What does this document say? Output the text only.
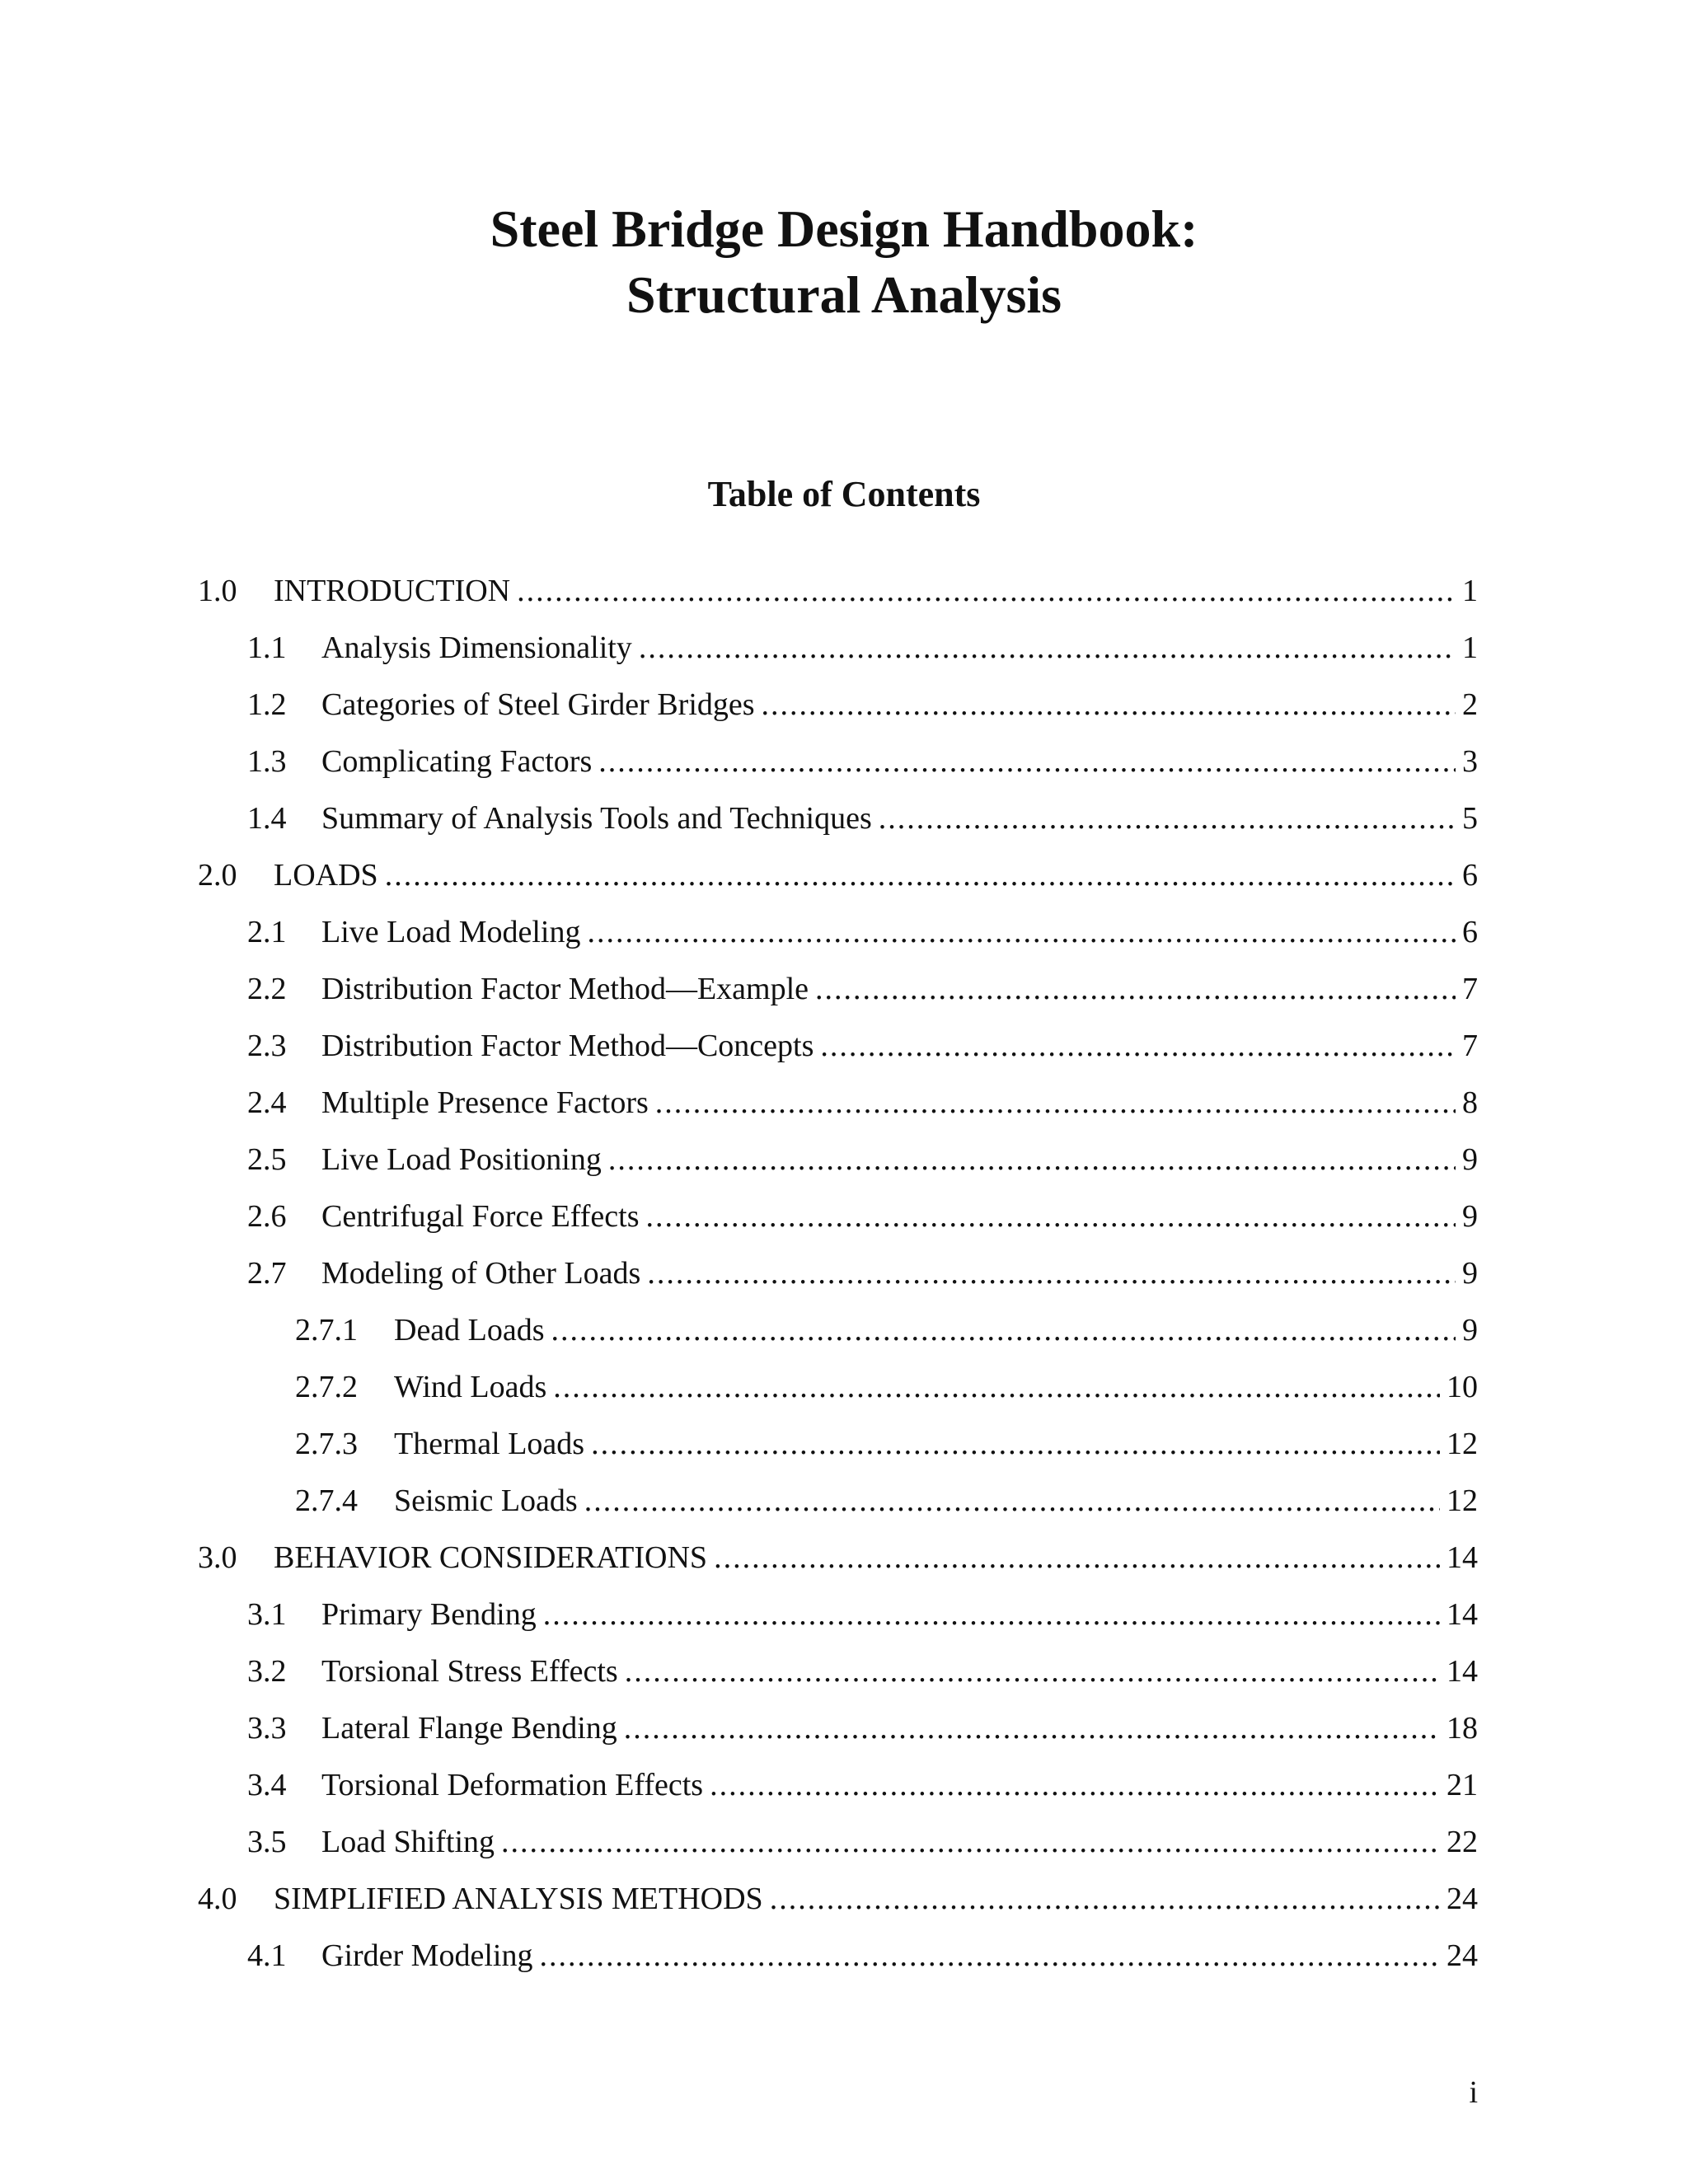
Steel Bridge Design Handbook:
Structural Analysis
Table of Contents
1.0	INTRODUCTION .....	1
1.1	Analysis Dimensionality .....	1
1.2	Categories of Steel Girder Bridges .....	2
1.3	Complicating Factors .....	3
1.4	Summary of Analysis Tools and Techniques .....	5
2.0	LOADS .....	6
2.1	Live Load Modeling .....	6
2.2	Distribution Factor Method—Example .....	7
2.3	Distribution Factor Method—Concepts .....	7
2.4	Multiple Presence Factors .....	8
2.5	Live Load Positioning .....	9
2.6	Centrifugal Force Effects .....	9
2.7	Modeling of Other Loads .....	9
2.7.1	Dead Loads .....	9
2.7.2	Wind Loads .....	10
2.7.3	Thermal Loads .....	12
2.7.4	Seismic Loads .....	12
3.0	BEHAVIOR CONSIDERATIONS .....	14
3.1	Primary Bending .....	14
3.2	Torsional Stress Effects .....	14
3.3	Lateral Flange Bending .....	18
3.4	Torsional Deformation Effects .....	21
3.5	Load Shifting .....	22
4.0	SIMPLIFIED ANALYSIS METHODS .....	24
4.1	Girder Modeling .....	24
i
